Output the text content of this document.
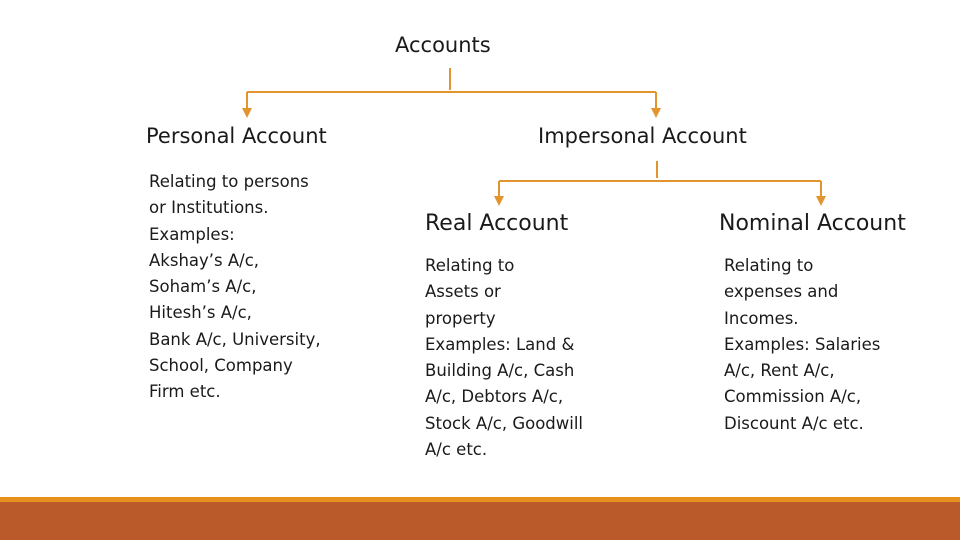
Accounts
Personal Account	Impersonal Account
Relating to persons
or Institutions.
Examples:
Akshay’s A/c,
Soham’s A/c,
Hitesh’s A/c,
Bank A/c, University,
School, Company
Firm etc.
Real Account	Nominal Account
Relating to
Assets or
property
Examples: Land &
Building A/c, Cash
A/c, Debtors A/c,
Stock A/c, Goodwill
A/c etc.
Relating to
expenses and
Incomes.
Examples: Salaries
A/c, Rent A/c,
Commission A/c,
Discount A/c etc.
